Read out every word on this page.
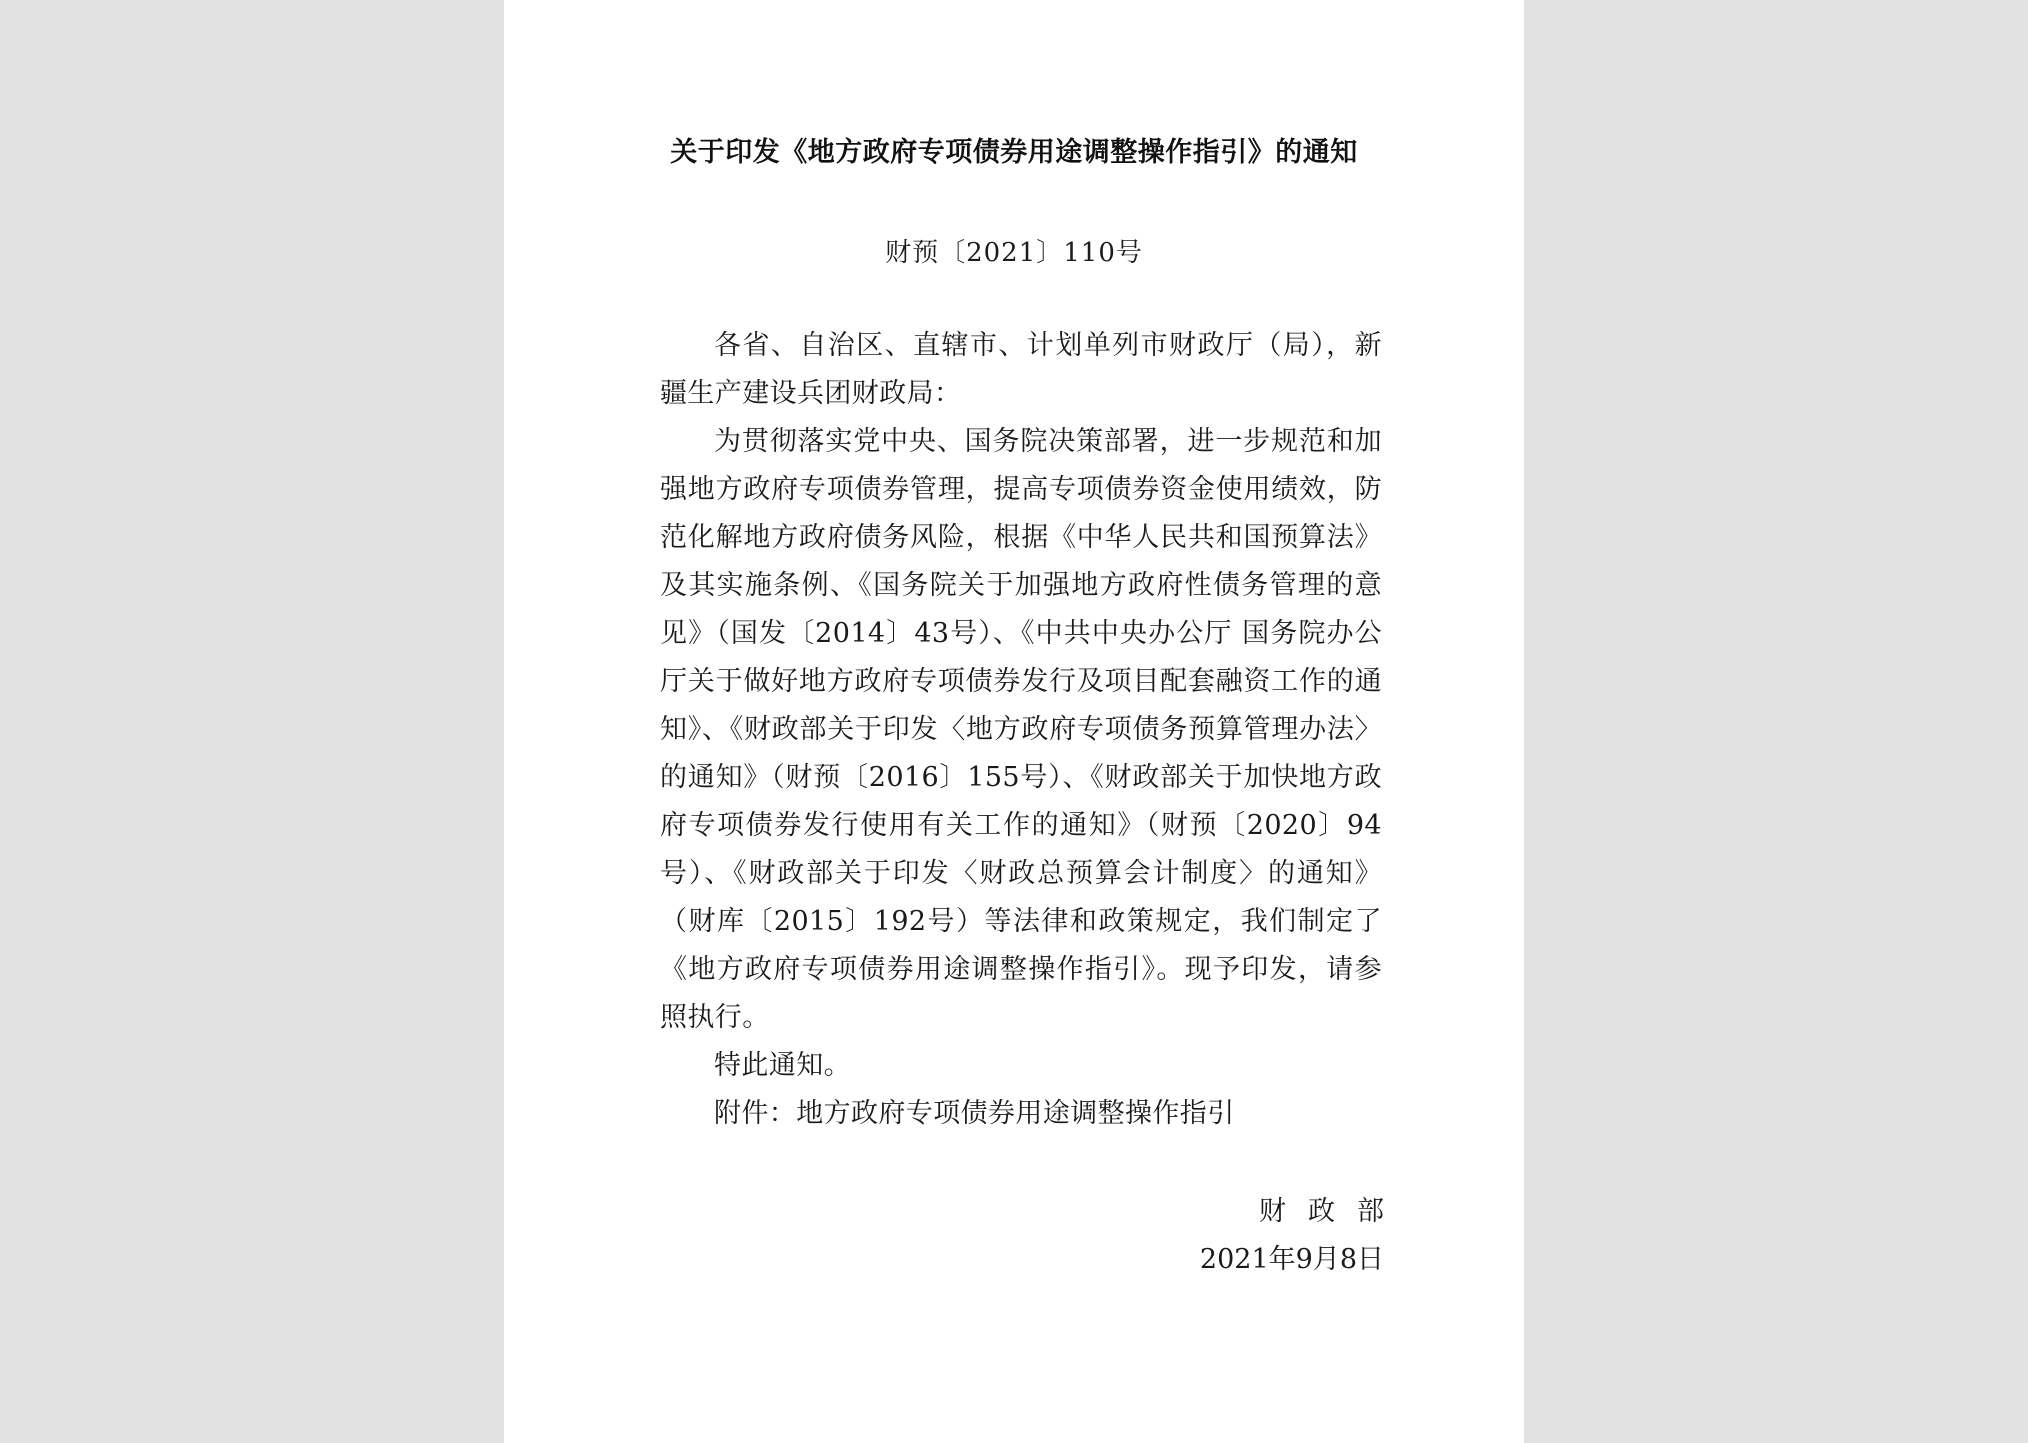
关于印发《地方政府专项债券用途调整操作指引》的通知
财预〔2021〕110号

各省、自治区、直辖市、计划单列市财政厅（局），新疆生产建设兵团财政局：

为贯彻落实党中央、国务院决策部署，进一步规范和加强地方政府专项债券管理，提高专项债券资金使用绩效，防范化解地方政府债务风险，根据《中华人民共和国预算法》及其实施条例、《国务院关于加强地方政府性债务管理的意见》（国发〔2014〕43号）、《中共中央办公厅 国务院办公厅关于做好地方政府专项债券发行及项目配套融资工作的通知》、《财政部关于印发〈地方政府专项债务预算管理办法〉的通知》（财预〔2016〕155号）、《财政部关于加快地方政府专项债券发行使用有关工作的通知》（财预〔2020〕94号）、《财政部关于印发〈财政总预算会计制度〉的通知》（财库〔2015〕192号）等法律和政策规定，我们制定了《地方政府专项债券用途调整操作指引》。现予印发，请参照执行。

特此通知。

附件：地方政府专项债券用途调整操作指引

财政部
2021年9月8日
